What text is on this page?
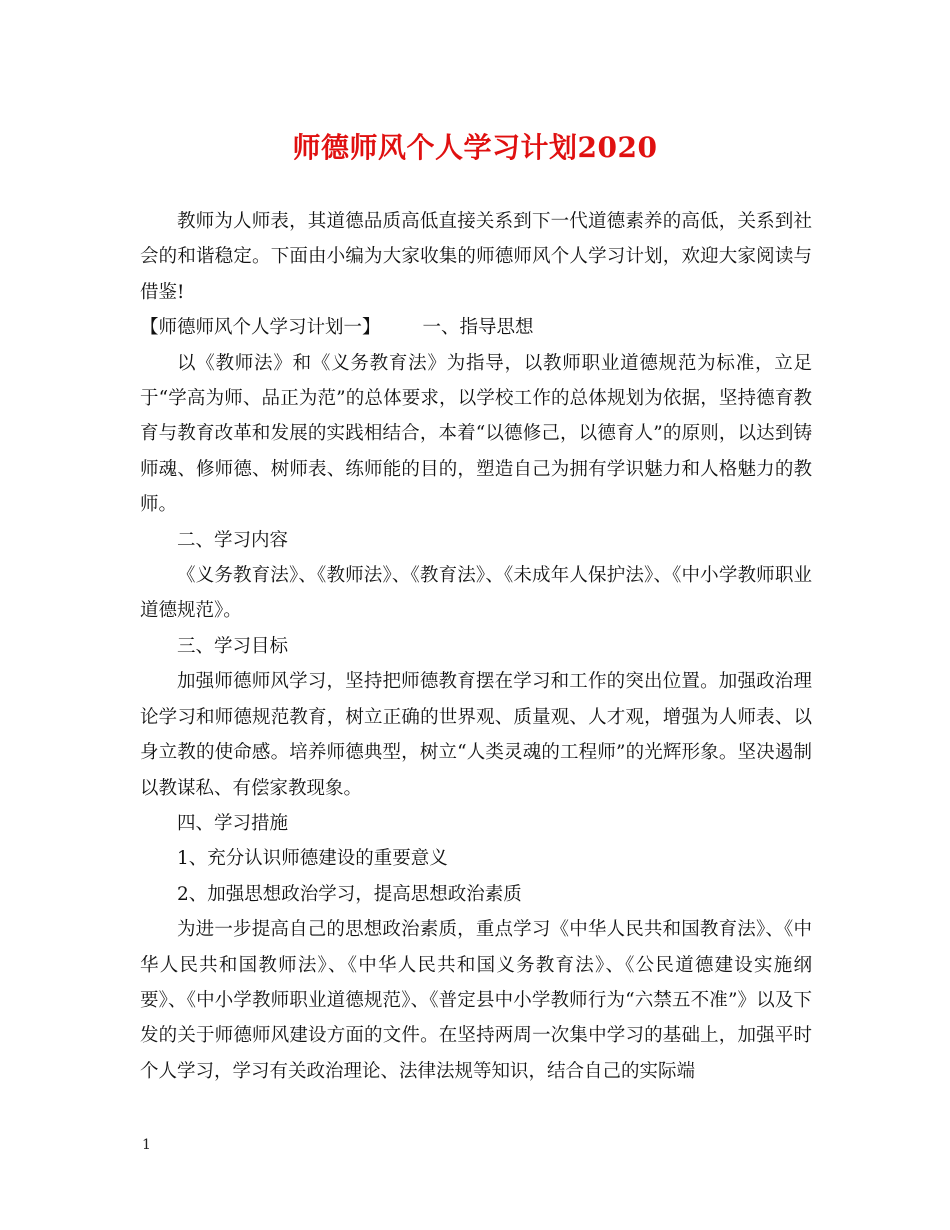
师德师风个人学习计划2020

教师为人师表，其道德品质高低直接关系到下一代道德素养的高低，关系到社会的和谐稳定。下面由小编为大家收集的师德师风个人学习计划，欢迎大家阅读与借鉴!

【师德师风个人学习计划一】 一、指导思想

以《教师法》和《义务教育法》为指导，以教师职业道德规范为标准，立足于“学高为师、品正为范”的总体要求，以学校工作的总体规划为依据，坚持德育教育与教育改革和发展的实践相结合，本着“以德修己，以德育人”的原则，以达到铸师魂、修师德、树师表、练师能的目的，塑造自己为拥有学识魅力和人格魅力的教师。

二、学习内容

《义务教育法》、《教师法》、《教育法》、《未成年人保护法》、《中小学教师职业道德规范》。

三、学习目标

加强师德师风学习，坚持把师德教育摆在学习和工作的突出位置。加强政治理论学习和师德规范教育，树立正确的世界观、质量观、人才观，增强为人师表、以身立教的使命感。培养师德典型，树立“人类灵魂的工程师”的光辉形象。坚决遏制以教谋私、有偿家教现象。

四、学习措施

1、充分认识师德建设的重要意义

2、加强思想政治学习，提高思想政治素质

为进一步提高自己的思想政治素质，重点学习《中华人民共和国教育法》、《中华人民共和国教师法》、《中华人民共和国义务教育法》、《公民道德建设实施纲要》、《中小学教师职业道德规范》、《普定县中小学教师行为“六禁五不准”》以及下发的关于师德师风建设方面的文件。在坚持两周一次集中学习的基础上，加强平时个人学习，学习有关政治理论、法律法规等知识，结合自己的实际端

1
